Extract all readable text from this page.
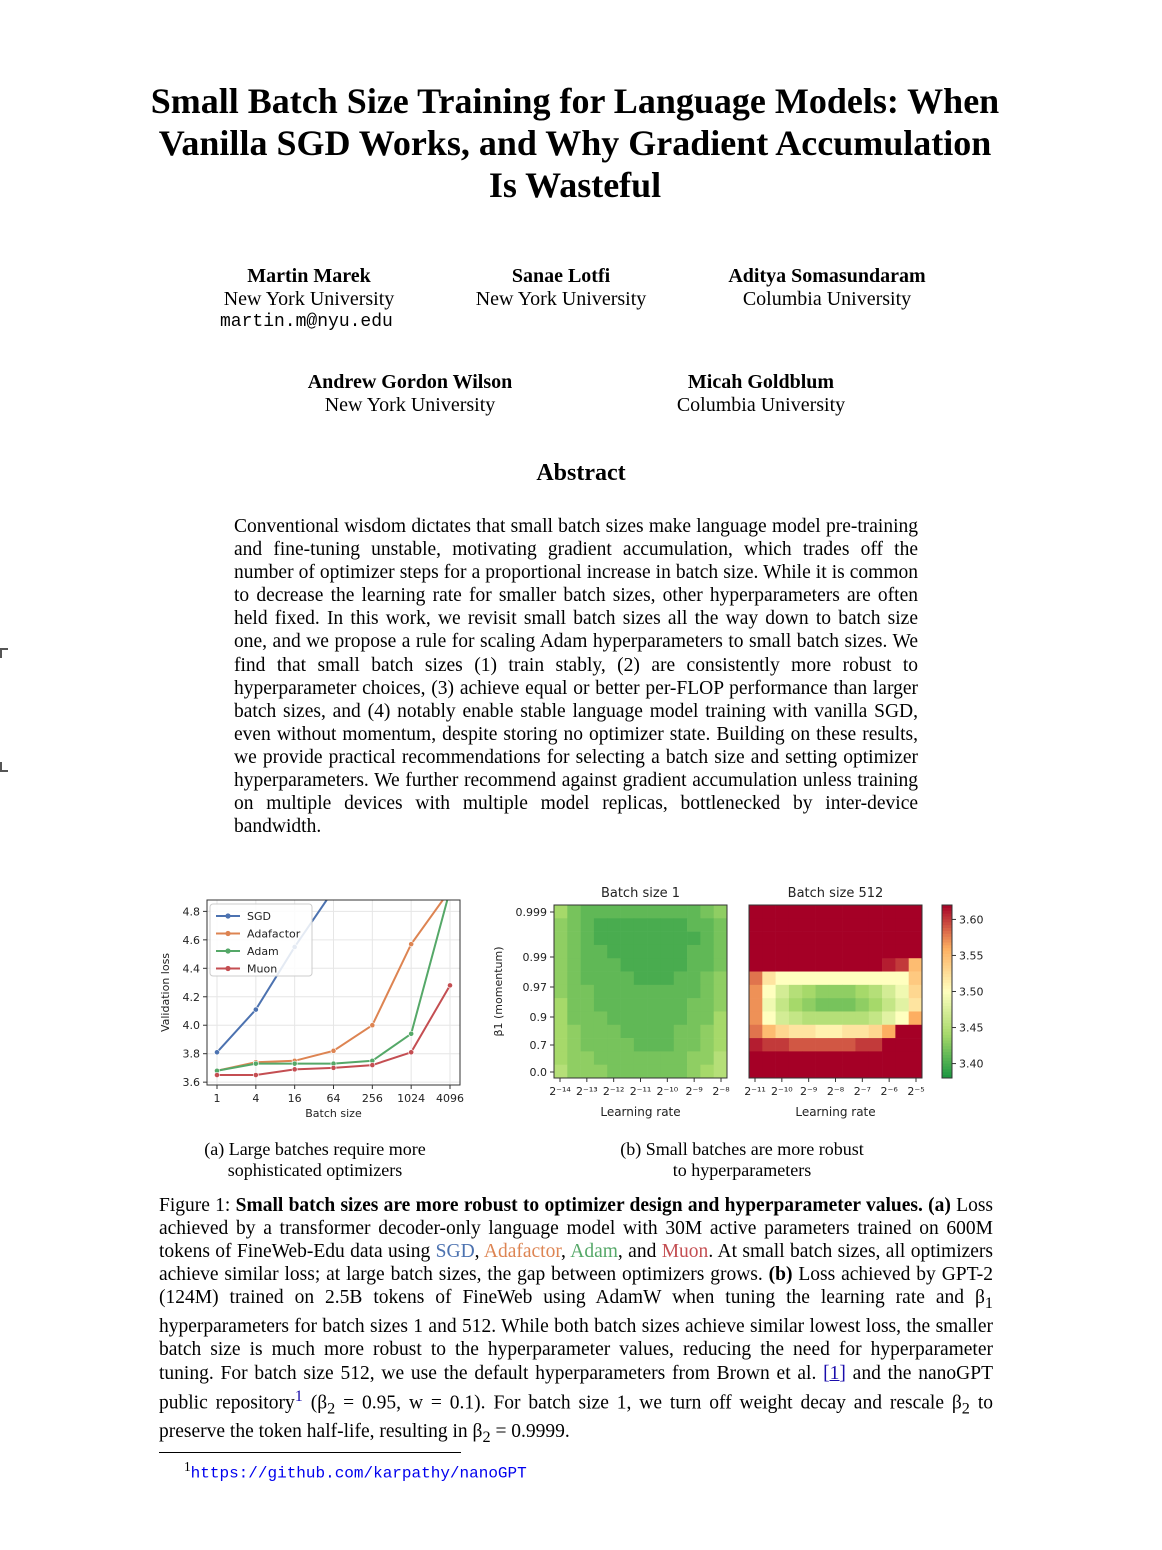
Small Batch Size Training for Language Models: When Vanilla SGD Works, and Why Gradient Accumulation Is Wasteful
Martin Marek
New York University
martin.m@nyu.edu
Sanae Lotfi
New York University
Aditya Somasundaram
Columbia University
Andrew Gordon Wilson
New York University
Micah Goldblum
Columbia University
Abstract
Conventional wisdom dictates that small batch sizes make language model pre-training and fine-tuning unstable, motivating gradient accumulation, which trades off the number of optimizer steps for a proportional increase in batch size. While it is common to decrease the learning rate for smaller batch sizes, other hyperparameters are often held fixed. In this work, we revisit small batch sizes all the way down to batch size one, and we propose a rule for scaling Adam hyperparameters to small batch sizes. We find that small batch sizes (1) train stably, (2) are consistently more robust to hyperparameter choices, (3) achieve equal or better per-FLOP performance than larger batch sizes, and (4) notably enable stable language model training with vanilla SGD, even without momentum, despite storing no optimizer state. Building on these results, we provide practical recommendations for selecting a batch size and setting optimizer hyperparameters. We further recommend against gradient accumulation unless training on multiple devices with multiple model replicas, bottlenecked by inter-device bandwidth.
3.6
3.8
4.0
4.2
4.4
4.6
4.8
1	4	16 64 256 1024 4096
SGD
Adafactor
Adam
Muon
Batch size
Validation loss
Batch size 1
2⁻¹⁴ 2⁻¹³ 2⁻¹² 2⁻¹¹ 2⁻¹⁰ 2⁻⁹ 2⁻⁸
Learning rate
Batch size 512
2⁻¹¹ 2⁻¹⁰ 2⁻⁹ 2⁻⁸ 2⁻⁷ 2⁻⁶ 2⁻⁵
Learning rate
0.0
0.7
0.9
0.97
0.99
0.999
β1 (momentum)
3.40
3.45
3.50
3.55
3.60
(a) Large batches require more
sophisticated optimizers
(b) Small batches are more robust
to hyperparameters
Figure 1: Small batch sizes are more robust to optimizer design and hyperparameter values. (a) Loss achieved by a transformer decoder-only language model with 30M active parameters trained on 600M tokens of FineWeb-Edu data using SGD, Adafactor, Adam, and Muon. At small batch sizes, all optimizers achieve similar loss; at large batch sizes, the gap between optimizers grows. (b) Loss achieved by GPT-2 (124M) trained on 2.5B tokens of FineWeb using AdamW when tuning the learning rate and $\beta_1$ hyperparameters for batch sizes 1 and 512. While both batch sizes achieve similar lowest loss, the smaller batch size is much more robust to the hyperparameter values, reducing the need for hyperparameter tuning. For batch size 512, we use the default hyperparameters from Brown et al. [1] and the nanoGPT public repository$^1$ ($\beta_2 = 0.95$, w = 0.1). For batch size 1, we turn off weight decay and rescale $\beta_2$ to preserve the token half-life, resulting in $\beta_2 = 0.9999$.
$^1$https://github.com/karpathy/nanoGPT
